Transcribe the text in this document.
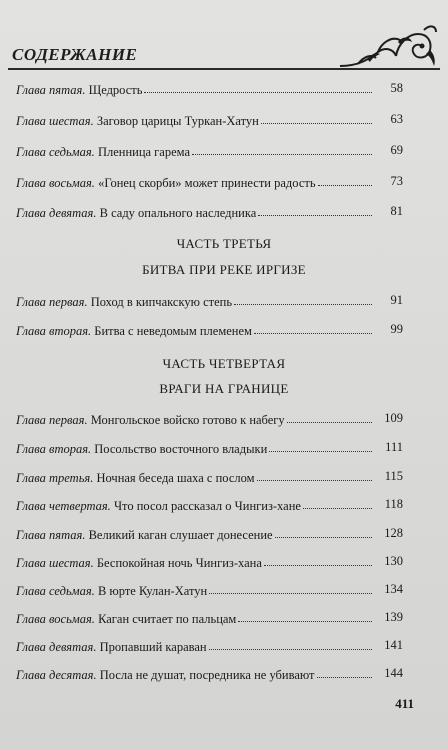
СОДЕРЖАНИЕ
Глава пятая. Щедрость	58
Глава шестая. Заговор царицы Туркан-Хатун	63
Глава седьмая. Пленница гарема	69
Глава восьмая. «Гонец скорби» может принести радость	73
Глава девятая. В саду опального наследника	81
ЧАСТЬ ТРЕТЬЯ
БИТВА ПРИ РЕКЕ ИРГИЗЕ
Глава первая. Поход в кипчакскую степь	91
Глава вторая. Битва с неведомым племенем	99
ЧАСТЬ ЧЕТВЕРТАЯ
ВРАГИ НА ГРАНИЦЕ
Глава первая. Монгольское войско готово к набегу	109
Глава вторая. Посольство восточного владыки	111
Глава третья. Ночная беседа шаха с послом	115
Глава четвертая. Что посол рассказал о Чингиз-хане	118
Глава пятая. Великий каган слушает донесение	128
Глава шестая. Беспокойная ночь Чингиз-хана	130
Глава седьмая. В юрте Кулан-Хатун	134
Глава восьмая. Каган считает по пальцам	139
Глава девятая. Пропавший караван	141
Глава десятая. Посла не душат, посредника не убивают	144
411
